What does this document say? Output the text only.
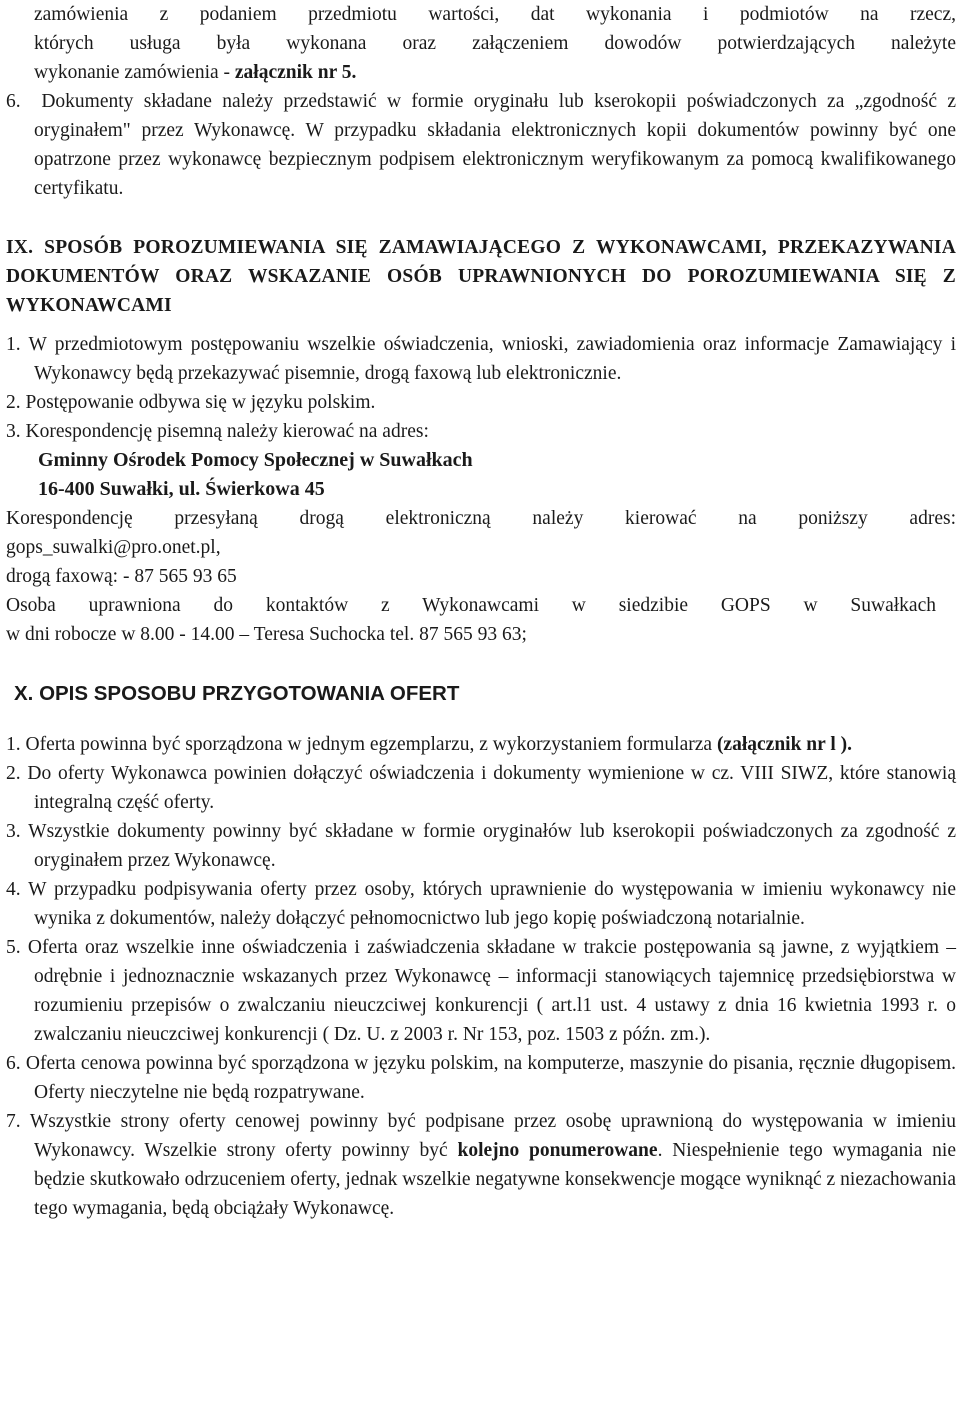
zamówienia z podaniem przedmiotu wartości, dat wykonania i podmiotów na rzecz,
których usługa była wykonana oraz załączeniem dowodów potwierdzających należyte
wykonanie zamówienia - załącznik nr 5.

6. Dokumenty składane należy przedstawić w formie oryginału lub kserokopii poświadczonych za „zgodność z oryginałem" przez Wykonawcę. W przypadku składania elektronicznych kopii dokumentów powinny być one opatrzone przez wykonawcę bezpiecznym podpisem elektronicznym weryfikowanym za pomocą kwalifikowanego certyfikatu.

IX. SPOSÓB POROZUMIEWANIA SIĘ ZAMAWIAJĄCEGO Z WYKONAWCAMI, PRZEKAZYWANIA DOKUMENTÓW ORAZ WSKAZANIE OSÓB UPRAWNIONYCH DO POROZUMIEWANIA SIĘ Z WYKONAWCAMI

1. W przedmiotowym postępowaniu wszelkie oświadczenia, wnioski, zawiadomienia oraz informacje Zamawiający i Wykonawcy będą przekazywać pisemnie, drogą faxową lub elektronicznie.

2. Postępowanie odbywa się w języku polskim.

3. Korespondencję pisemną należy kierować na adres:

Gminny Ośrodek Pomocy Społecznej w Suwałkach
16-400 Suwałki, ul. Świerkowa 45

Korespondencję przesyłaną drogą elektroniczną należy kierować na poniższy adres:

gops_suwalki@pro.onet.pl,

drogą faxową: - 87 565 93 65

Osoba uprawniona do kontaktów z Wykonawcami w siedzibie GOPS w Suwałkach

w dni robocze w 8.00 - 14.00 – Teresa Suchocka tel. 87 565 93 63;

X. OPIS SPOSOBU PRZYGOTOWANIA OFERT

1. Oferta powinna być sporządzona w jednym egzemplarzu, z wykorzystaniem formularza (załącznik nr l ).

2. Do oferty Wykonawca powinien dołączyć oświadczenia i dokumenty wymienione w cz. VIII SIWZ, które stanowią integralną część oferty.

3. Wszystkie dokumenty powinny być składane w formie oryginałów lub kserokopii poświadczonych za zgodność z oryginałem przez Wykonawcę.

4. W przypadku podpisywania oferty przez osoby, których uprawnienie do występowania w imieniu wykonawcy nie wynika z dokumentów, należy dołączyć pełnomocnictwo lub jego kopię poświadczoną notarialnie.

5. Oferta oraz wszelkie inne oświadczenia i zaświadczenia składane w trakcie postępowania są jawne, z wyjątkiem – odrębnie i jednoznacznie wskazanych przez Wykonawcę – informacji stanowiących tajemnicę przedsiębiorstwa w rozumieniu przepisów o zwalczaniu nieuczciwej konkurencji ( art.l1 ust. 4 ustawy z dnia 16 kwietnia 1993 r. o zwalczaniu nieuczciwej konkurencji ( Dz. U. z 2003 r. Nr 153, poz. 1503 z późn. zm.).

6. Oferta cenowa powinna być sporządzona w języku polskim, na komputerze, maszynie do pisania, ręcznie długopisem. Oferty nieczytelne nie będą rozpatrywane.

7. Wszystkie strony oferty cenowej powinny być podpisane przez osobę uprawnioną do występowania w imieniu Wykonawcy. Wszelkie strony oferty powinny być kolejno ponumerowane. Niespełnienie tego wymagania nie będzie skutkowało odrzuceniem oferty, jednak wszelkie negatywne konsekwencje mogące wyniknąć z niezachowania tego wymagania, będą obciążały Wykonawcę.
